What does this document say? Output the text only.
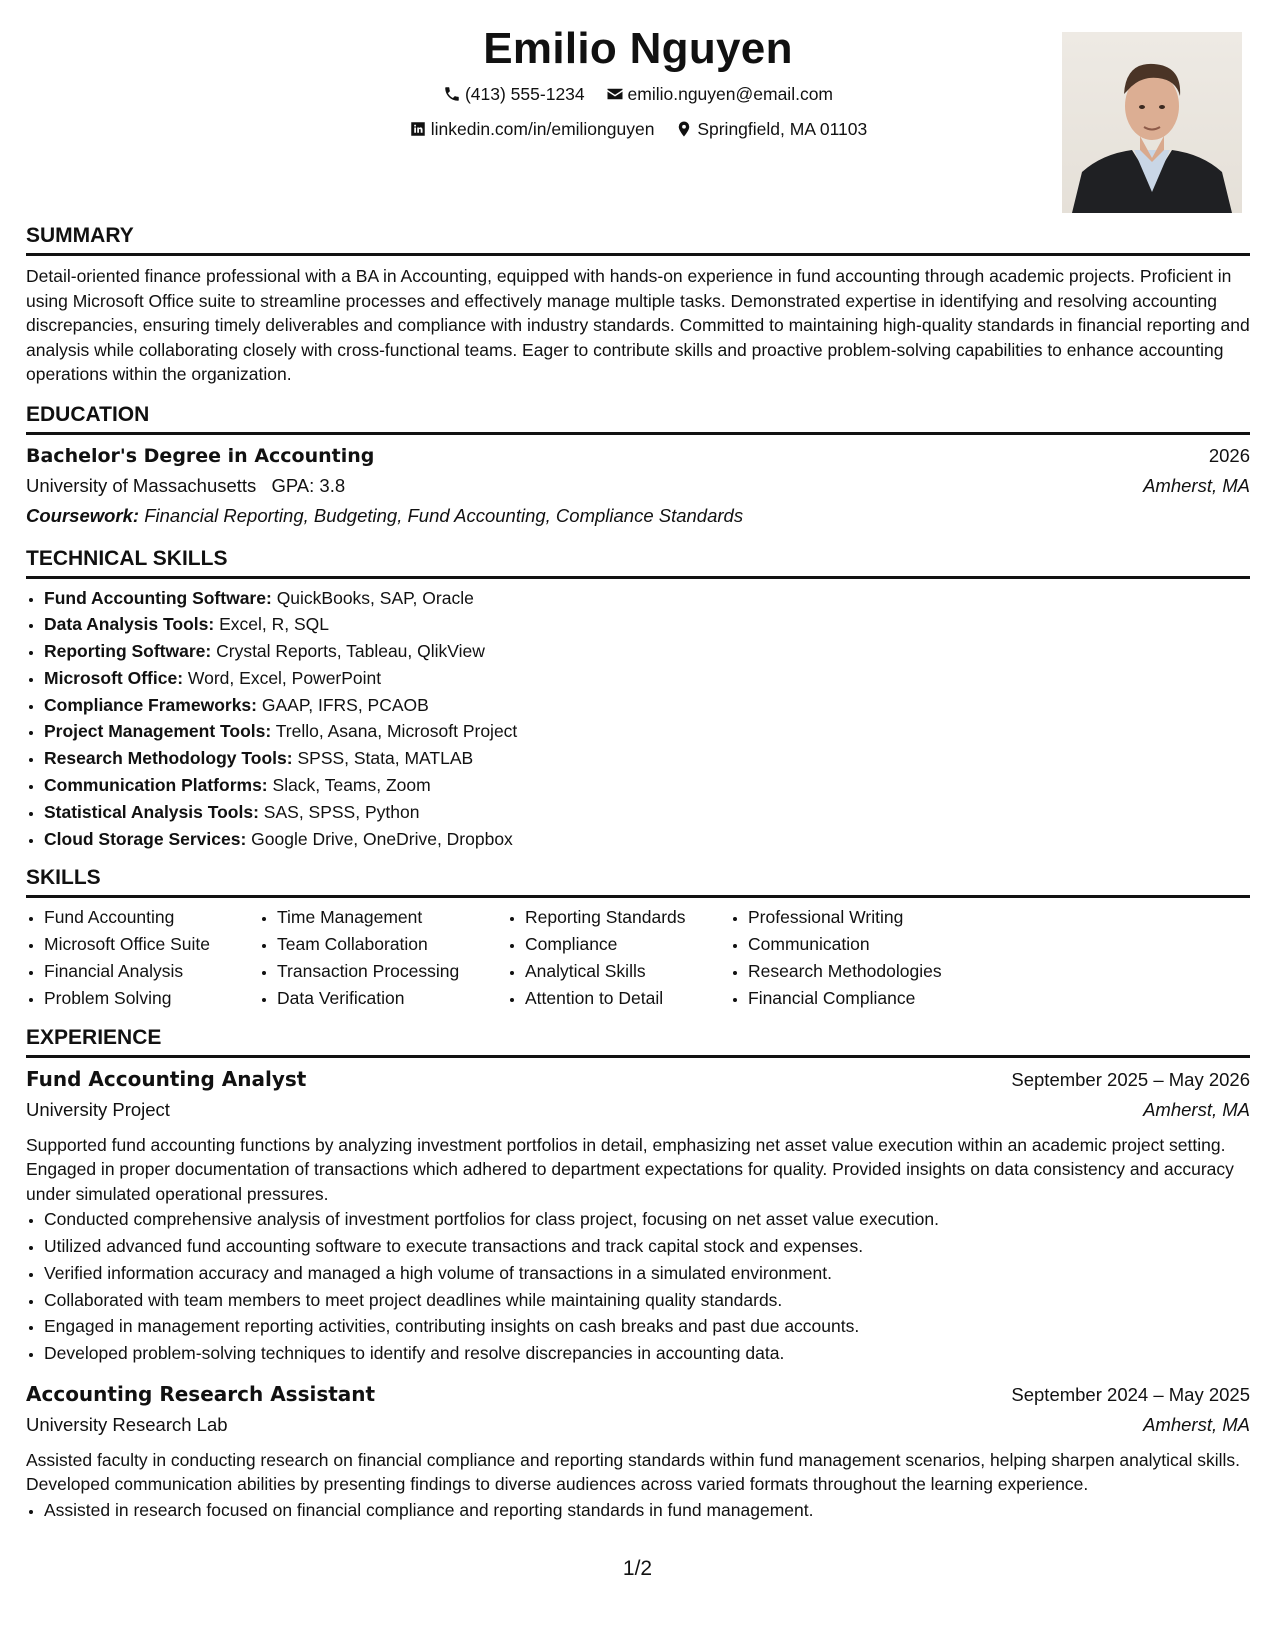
Emilio Nguyen
(413) 555-1234
emilio.nguyen@email.com
linkedin.com/in/emilionguyen
Springfield, MA 01103
SUMMARY
Detail-oriented finance professional with a BA in Accounting, equipped with hands-on experience in fund accounting through academic projects. Proficient in using Microsoft Office suite to streamline processes and effectively manage multiple tasks. Demonstrated expertise in identifying and resolving accounting discrepancies, ensuring timely deliverables and compliance with industry standards. Committed to maintaining high-quality standards in financial reporting and analysis while collaborating closely with cross-functional teams. Eager to contribute skills and proactive problem-solving capabilities to enhance accounting operations within the organization.
EDUCATION
Bachelor's Degree in Accounting	2026
University of Massachusetts GPA: 3.8	Amherst, MA
Coursework: Financial Reporting, Budgeting, Fund Accounting, Compliance Standards
TECHNICAL SKILLS
• Fund Accounting Software: QuickBooks, SAP, Oracle
• Data Analysis Tools: Excel, R, SQL
• Reporting Software: Crystal Reports, Tableau, QlikView
• Microsoft Office: Word, Excel, PowerPoint
• Compliance Frameworks: GAAP, IFRS, PCAOB
• Project Management Tools: Trello, Asana, Microsoft Project
• Research Methodology Tools: SPSS, Stata, MATLAB
• Communication Platforms: Slack, Teams, Zoom
• Statistical Analysis Tools: SAS, SPSS, Python
• Cloud Storage Services: Google Drive, OneDrive, Dropbox
SKILLS
• Fund Accounting
• Microsoft Office Suite
• Financial Analysis
• Problem Solving
• Time Management
• Team Collaboration
• Transaction Processing
• Data Verification
• Reporting Standards
• Compliance
• Analytical Skills
• Attention to Detail
• Professional Writing
• Communication
• Research Methodologies
• Financial Compliance
EXPERIENCE
Fund Accounting Analyst	September 2025 – May 2026
University Project	Amherst, MA
Supported fund accounting functions by analyzing investment portfolios in detail, emphasizing net asset value execution within an academic project setting. Engaged in proper documentation of transactions which adhered to department expectations for quality. Provided insights on data consistency and accuracy under simulated operational pressures.
• Conducted comprehensive analysis of investment portfolios for class project, focusing on net asset value execution.
• Utilized advanced fund accounting software to execute transactions and track capital stock and expenses.
• Verified information accuracy and managed a high volume of transactions in a simulated environment.
• Collaborated with team members to meet project deadlines while maintaining quality standards.
• Engaged in management reporting activities, contributing insights on cash breaks and past due accounts.
• Developed problem-solving techniques to identify and resolve discrepancies in accounting data.
Accounting Research Assistant	September 2024 – May 2025
University Research Lab	Amherst, MA
Assisted faculty in conducting research on financial compliance and reporting standards within fund management scenarios, helping sharpen analytical skills. Developed communication abilities by presenting findings to diverse audiences across varied formats throughout the learning experience.
• Assisted in research focused on financial compliance and reporting standards in fund management.
1/2
